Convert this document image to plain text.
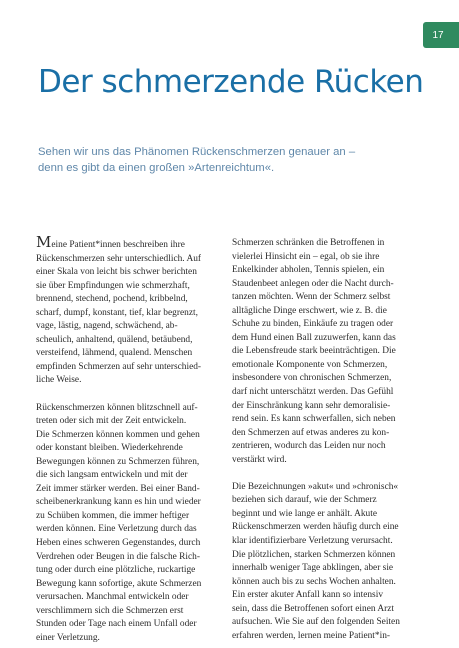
17
Der schmerzende Rücken
Sehen wir uns das Phänomen Rückenschmerzen genauer an –
denn es gibt da einen großen »Artenreichtum«.
Meine Patient*innen beschreiben ihre
Rückenschmerzen sehr unterschiedlich. Auf
einer Skala von leicht bis schwer berichten
sie über Empfindungen wie schmerzhaft,
brennend, stechend, pochend, kribbelnd,
scharf, dumpf, konstant, tief, klar begrenzt,
vage, lästig, nagend, schwächend, ab-
scheulich, anhaltend, quälend, betäubend,
versteifend, lähmend, qualend. Menschen
empfinden Schmerzen auf sehr unterschied-
liche Weise.
Rückenschmerzen können blitzschnell auf-
treten oder sich mit der Zeit entwickeln.
Die Schmerzen können kommen und gehen
oder konstant bleiben. Wiederkehrende
Bewegungen können zu Schmerzen führen,
die sich langsam entwickeln und mit der
Zeit immer stärker werden. Bei einer Band-
scheibenerkrankung kann es hin und wieder
zu Schüben kommen, die immer heftiger
werden können. Eine Verletzung durch das
Heben eines schweren Gegenstandes, durch
Verdrehen oder Beugen in die falsche Rich-
tung oder durch eine plötzliche, ruckartige
Bewegung kann sofortige, akute Schmerzen
verursachen. Manchmal entwickeln oder
verschlimmern sich die Schmerzen erst
Stunden oder Tage nach einem Unfall oder
einer Verletzung.
Schmerzen schränken die Betroffenen in
vielerlei Hinsicht ein – egal, ob sie ihre
Enkelkinder abholen, Tennis spielen, ein
Staudenbeet anlegen oder die Nacht durch-
tanzen möchten. Wenn der Schmerz selbst
alltägliche Dinge erschwert, wie z. B. die
Schuhe zu binden, Einkäufe zu tragen oder
dem Hund einen Ball zuzuwerfen, kann das
die Lebensfreude stark beeinträchtigen. Die
emotionale Komponente von Schmerzen,
insbesondere von chronischen Schmerzen,
darf nicht unterschätzt werden. Das Gefühl
der Einschränkung kann sehr demoralisie-
rend sein. Es kann schwerfallen, sich neben
den Schmerzen auf etwas anderes zu kon-
zentrieren, wodurch das Leiden nur noch
verstärkt wird.
Die Bezeichnungen »akut« und »chronisch«
beziehen sich darauf, wie der Schmerz
beginnt und wie lange er anhält. Akute
Rückenschmerzen werden häufig durch eine
klar identifizierbare Verletzung verursacht.
Die plötzlichen, starken Schmerzen können
innerhalb weniger Tage abklingen, aber sie
können auch bis zu sechs Wochen anhalten.
Ein erster akuter Anfall kann so intensiv
sein, dass die Betroffenen sofort einen Arzt
aufsuchen. Wie Sie auf den folgenden Seiten
erfahren werden, lernen meine Patient*in-
